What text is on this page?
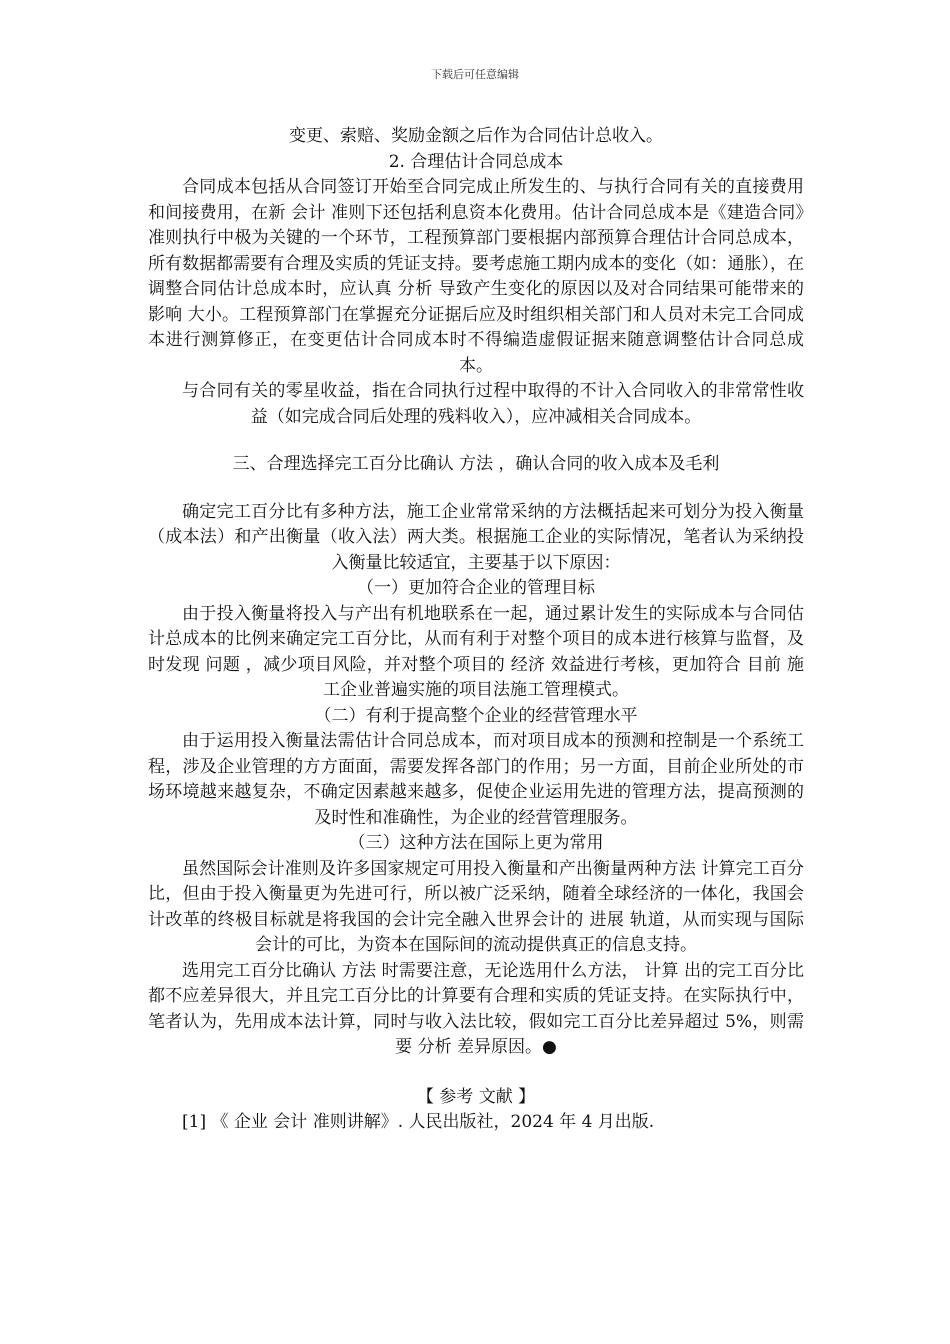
下载后可任意编辑

变更、索赔、奖励金额之后作为合同估计总收入。

2. 合理估计合同总成本

合同成本包括从合同签订开始至合同完成止所发生的、与执行合同有关的直接费用和间接费用，在新 会计 准则下还包括利息资本化费用。估计合同总成本是《建造合同》准则执行中极为关键的一个环节，工程预算部门要根据内部预算合理估计合同总成本，所有数据都需要有合理及实质的凭证支持。要考虑施工期内成本的变化（如：通胀），在调整合同估计总成本时，应认真 分析 导致产生变化的原因以及对合同结果可能带来的 影响 大小。工程预算部门在掌握充分证据后应及时组织相关部门和人员对未完工合同成本进行测算修正，在变更估计合同成本时不得编造虚假证据来随意调整估计合同总成本。

与合同有关的零星收益，指在合同执行过程中取得的不计入合同收入的非常常性收益（如完成合同后处理的残料收入），应冲减相关合同成本。

三、合理选择完工百分比确认 方法 ，确认合同的收入成本及毛利

确定完工百分比有多种方法，施工企业常常采纳的方法概括起来可划分为投入衡量（成本法）和产出衡量（收入法）两大类。根据施工企业的实际情况，笔者认为采纳投入衡量比较适宜，主要基于以下原因：

（一）更加符合企业的管理目标

由于投入衡量将投入与产出有机地联系在一起，通过累计发生的实际成本与合同估计总成本的比例来确定完工百分比，从而有利于对整个项目的成本进行核算与监督，及时发现 问题 ，减少项目风险，并对整个项目的 经济 效益进行考核，更加符合 目前 施工企业普遍实施的项目法施工管理模式。

（二）有利于提高整个企业的经营管理水平

由于运用投入衡量法需估计合同总成本，而对项目成本的预测和控制是一个系统工程，涉及企业管理的方方面面，需要发挥各部门的作用；另一方面，目前企业所处的市场环境越来越复杂，不确定因素越来越多，促使企业运用先进的管理方法，提高预测的及时性和准确性，为企业的经营管理服务。

（三）这种方法在国际上更为常用

虽然国际会计准则及许多国家规定可用投入衡量和产出衡量两种方法 计算完工百分比，但由于投入衡量更为先进可行，所以被广泛采纳，随着全球经济的一体化，我国会计改革的终极目标就是将我国的会计完全融入世界会计的 进展 轨道，从而实现与国际会计的可比，为资本在国际间的流动提供真正的信息支持。

选用完工百分比确认 方法 时需要注意，无论选用什么方法， 计算 出的完工百分比都不应差异很大，并且完工百分比的计算要有合理和实质的凭证支持。在实际执行中，笔者认为，先用成本法计算，同时与收入法比较，假如完工百分比差异超过 5%，则需要 分析 差异原因。●

【 参考 文献 】

[1] 《 企业 会计 准则讲解》. 人民出版社，2024 年 4 月出版.
